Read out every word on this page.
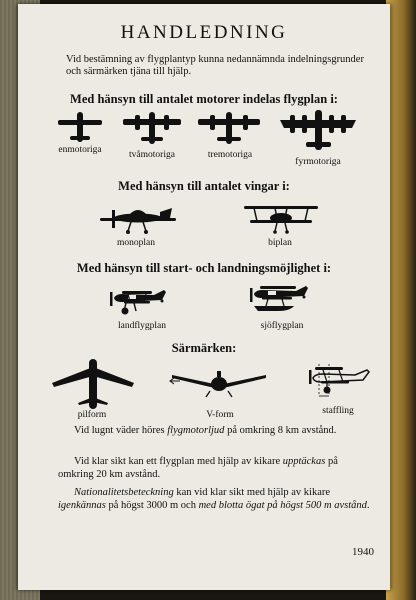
HANDLEDNING
Vid bestämning av flygplantyp kunna nedannämnda indelningsgrunder och särmärken tjäna till hjälp.
Med hänsyn till antalet motorer indelas flygplan i:
enmotoriga	tvåmotoriga	tremotoriga
fyrmotoriga
Med hänsyn till antalet vingar i:
monoplan	biplan
Med hänsyn till start- och landningsmöjlighet i:
landflygplan	sjöflygplan
Särmärken:
pilform	V-form	staffling
Vid lugnt väder höres flygmotorljud på omkring 8 km avstånd.
Vid klar sikt kan ett flygplan med hjälp av kikare upptäckas på omkring 20 km avstånd.
Nationalitetsbeteckning kan vid klar sikt med hjälp av kikare igenkännas på högst 3000 m och med blotta ögat på högst 500 m avstånd.
1940
